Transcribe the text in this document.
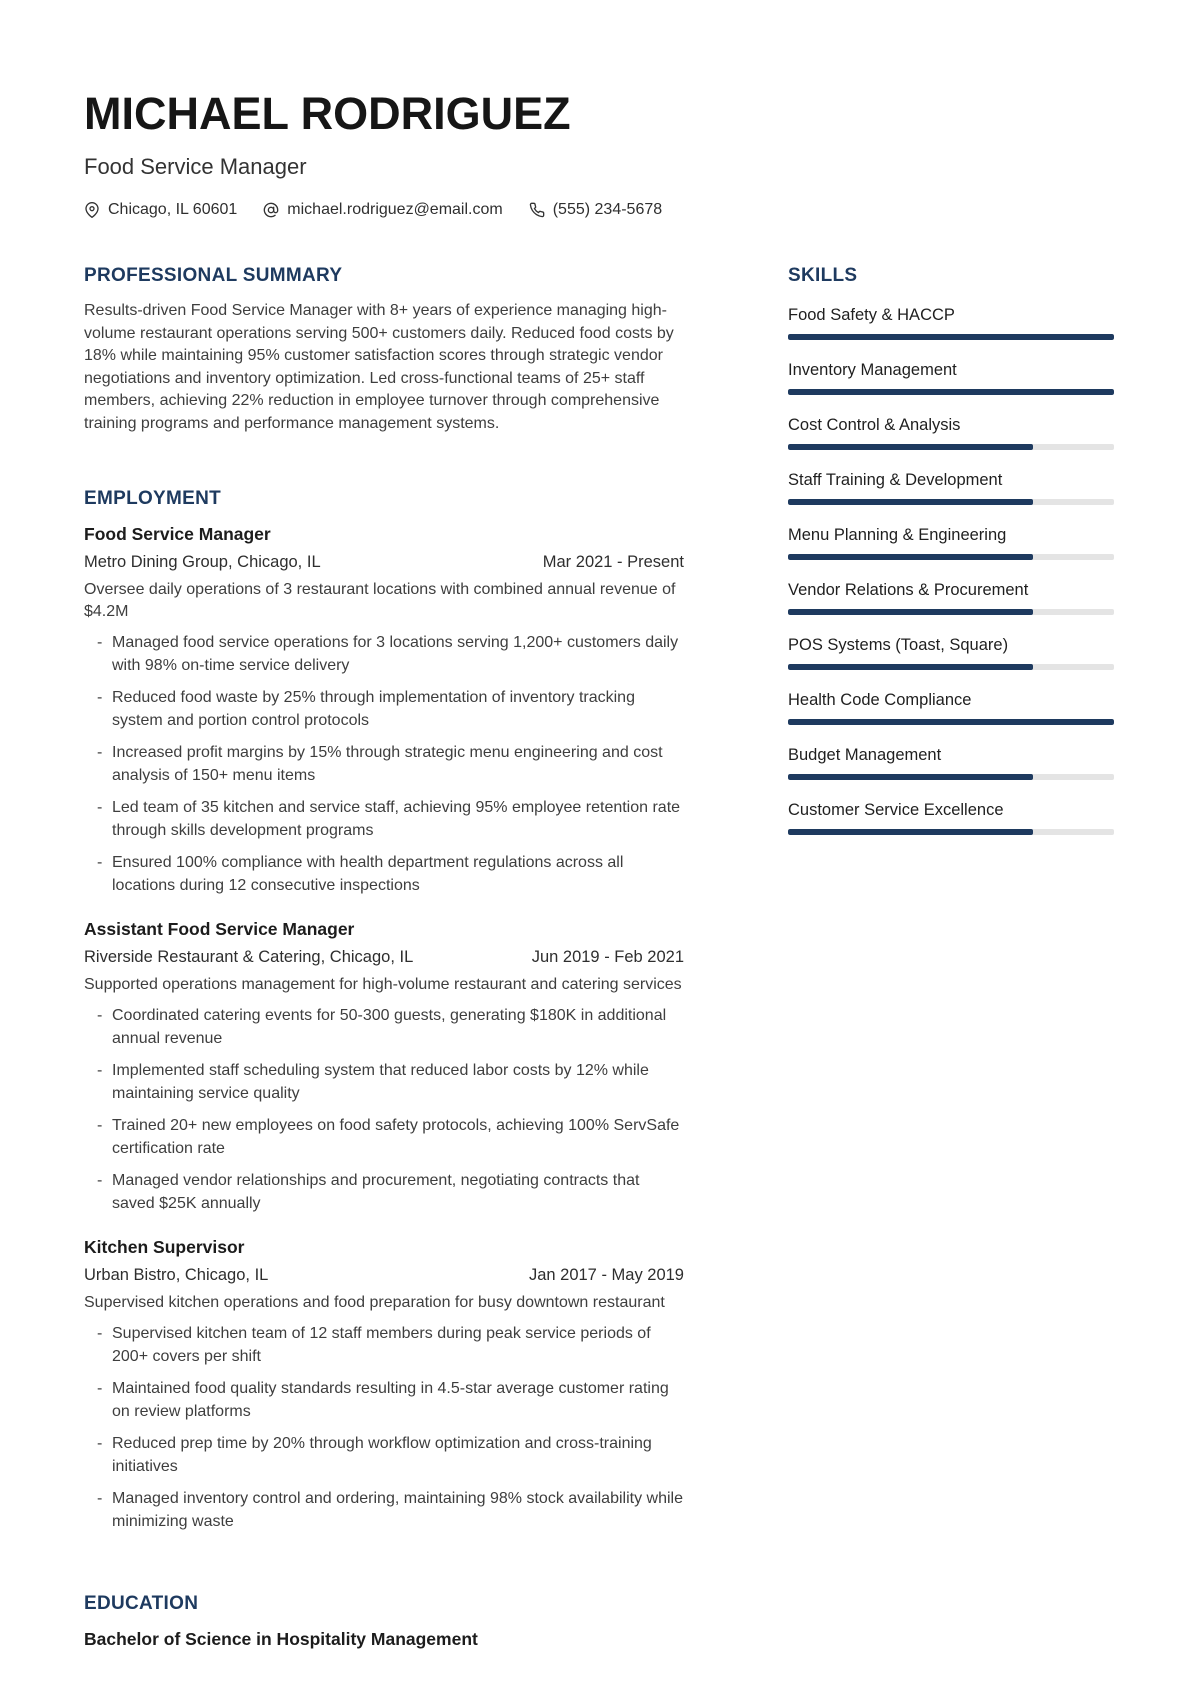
MICHAEL RODRIGUEZ
Food Service Manager
Chicago, IL 60601	michael.rodriguez@email.com	(555) 234-5678
PROFESSIONAL SUMMARY

Results-driven Food Service Manager with 8+ years of experience managing high-volume restaurant operations serving 500+ customers daily. Reduced food costs by 18% while maintaining 95% customer satisfaction scores through strategic vendor negotiations and inventory optimization. Led cross-functional teams of 25+ staff members, achieving 22% reduction in employee turnover through comprehensive training programs and performance management systems.

EMPLOYMENT
Food Service Manager
Metro Dining Group, Chicago, IL	Mar 2021 - Present

Oversee daily operations of 3 restaurant locations with combined annual revenue of $4.2M

- Managed food service operations for 3 locations serving 1,200+ customers daily with 98% on-time service delivery
- Reduced food waste by 25% through implementation of inventory tracking system and portion control protocols
- Increased profit margins by 15% through strategic menu engineering and cost analysis of 150+ menu items
- Led team of 35 kitchen and service staff, achieving 95% employee retention rate through skills development programs
- Ensured 100% compliance with health department regulations across all locations during 12 consecutive inspections
Assistant Food Service Manager
Riverside Restaurant & Catering, Chicago, IL	Jun 2019 - Feb 2021

Supported operations management for high-volume restaurant and catering services

- Coordinated catering events for 50-300 guests, generating $180K in additional annual revenue
- Implemented staff scheduling system that reduced labor costs by 12% while maintaining service quality
- Trained 20+ new employees on food safety protocols, achieving 100% ServSafe certification rate
- Managed vendor relationships and procurement, negotiating contracts that saved $25K annually
Kitchen Supervisor
Urban Bistro, Chicago, IL	Jan 2017 - May 2019

Supervised kitchen operations and food preparation for busy downtown restaurant

- Supervised kitchen team of 12 staff members during peak service periods of 200+ covers per shift
- Maintained food quality standards resulting in 4.5-star average customer rating on review platforms
- Reduced prep time by 20% through workflow optimization and cross-training initiatives
- Managed inventory control and ordering, maintaining 98% stock availability while minimizing waste
EDUCATION
Bachelor of Science in Hospitality Management
SKILLS
Food Safety & HACCP
Inventory Management
Cost Control & Analysis
Staff Training & Development
Menu Planning & Engineering
Vendor Relations & Procurement
POS Systems (Toast, Square)
Health Code Compliance
Budget Management
Customer Service Excellence
